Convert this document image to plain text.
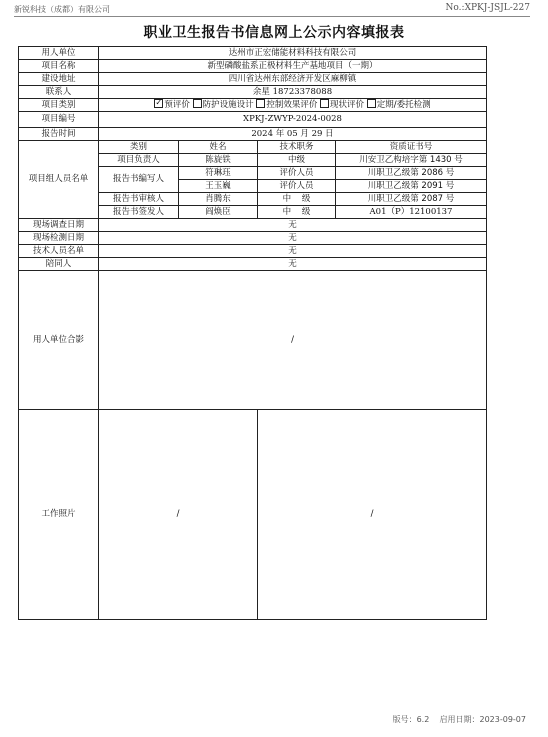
新锐科技（成都）有限公司	No.:XPKJ-JSJL-227
职业卫生报告书信息网上公示内容填报表
用人单位	达州市正宏储能材料科技有限公司			
项目名称	新型磷酸盐系正极材料生产基地项目（一期）			
建设地址	四川省达州东部经济开发区麻柳镇			
联系人	余星 18723378088			
项目类别	✓预评价 防护设施设计 控制效果评价 现状评价 定期/委托检测
项目编号	XPKJ-ZWYP-2024-0028			
报告时间	2024 年 05 月 29 日			
项目组人员名单	类别	姓名	技术职务	资质证书号
	项目负责人	陈旋铁	中级	川安卫乙构培字第 1430 号
	报告书编写人	符琳珏	评价人员	川职卫乙级第 2086 号
		王玉巍	评价人员	川职卫乙级第 2091 号
	报告书审核人	肖腾东	中    级	川职卫乙级第 2087 号
	报告书签发人	阎焕臣	中    级	A01（P）12100137
现场调查日期	无			
现场检测日期	无			
技术人员名单	无			
陪同人	无			
用人单位合影	/			
工作照片	/		/	
版号：6.2 启用日期：2023-09-07
